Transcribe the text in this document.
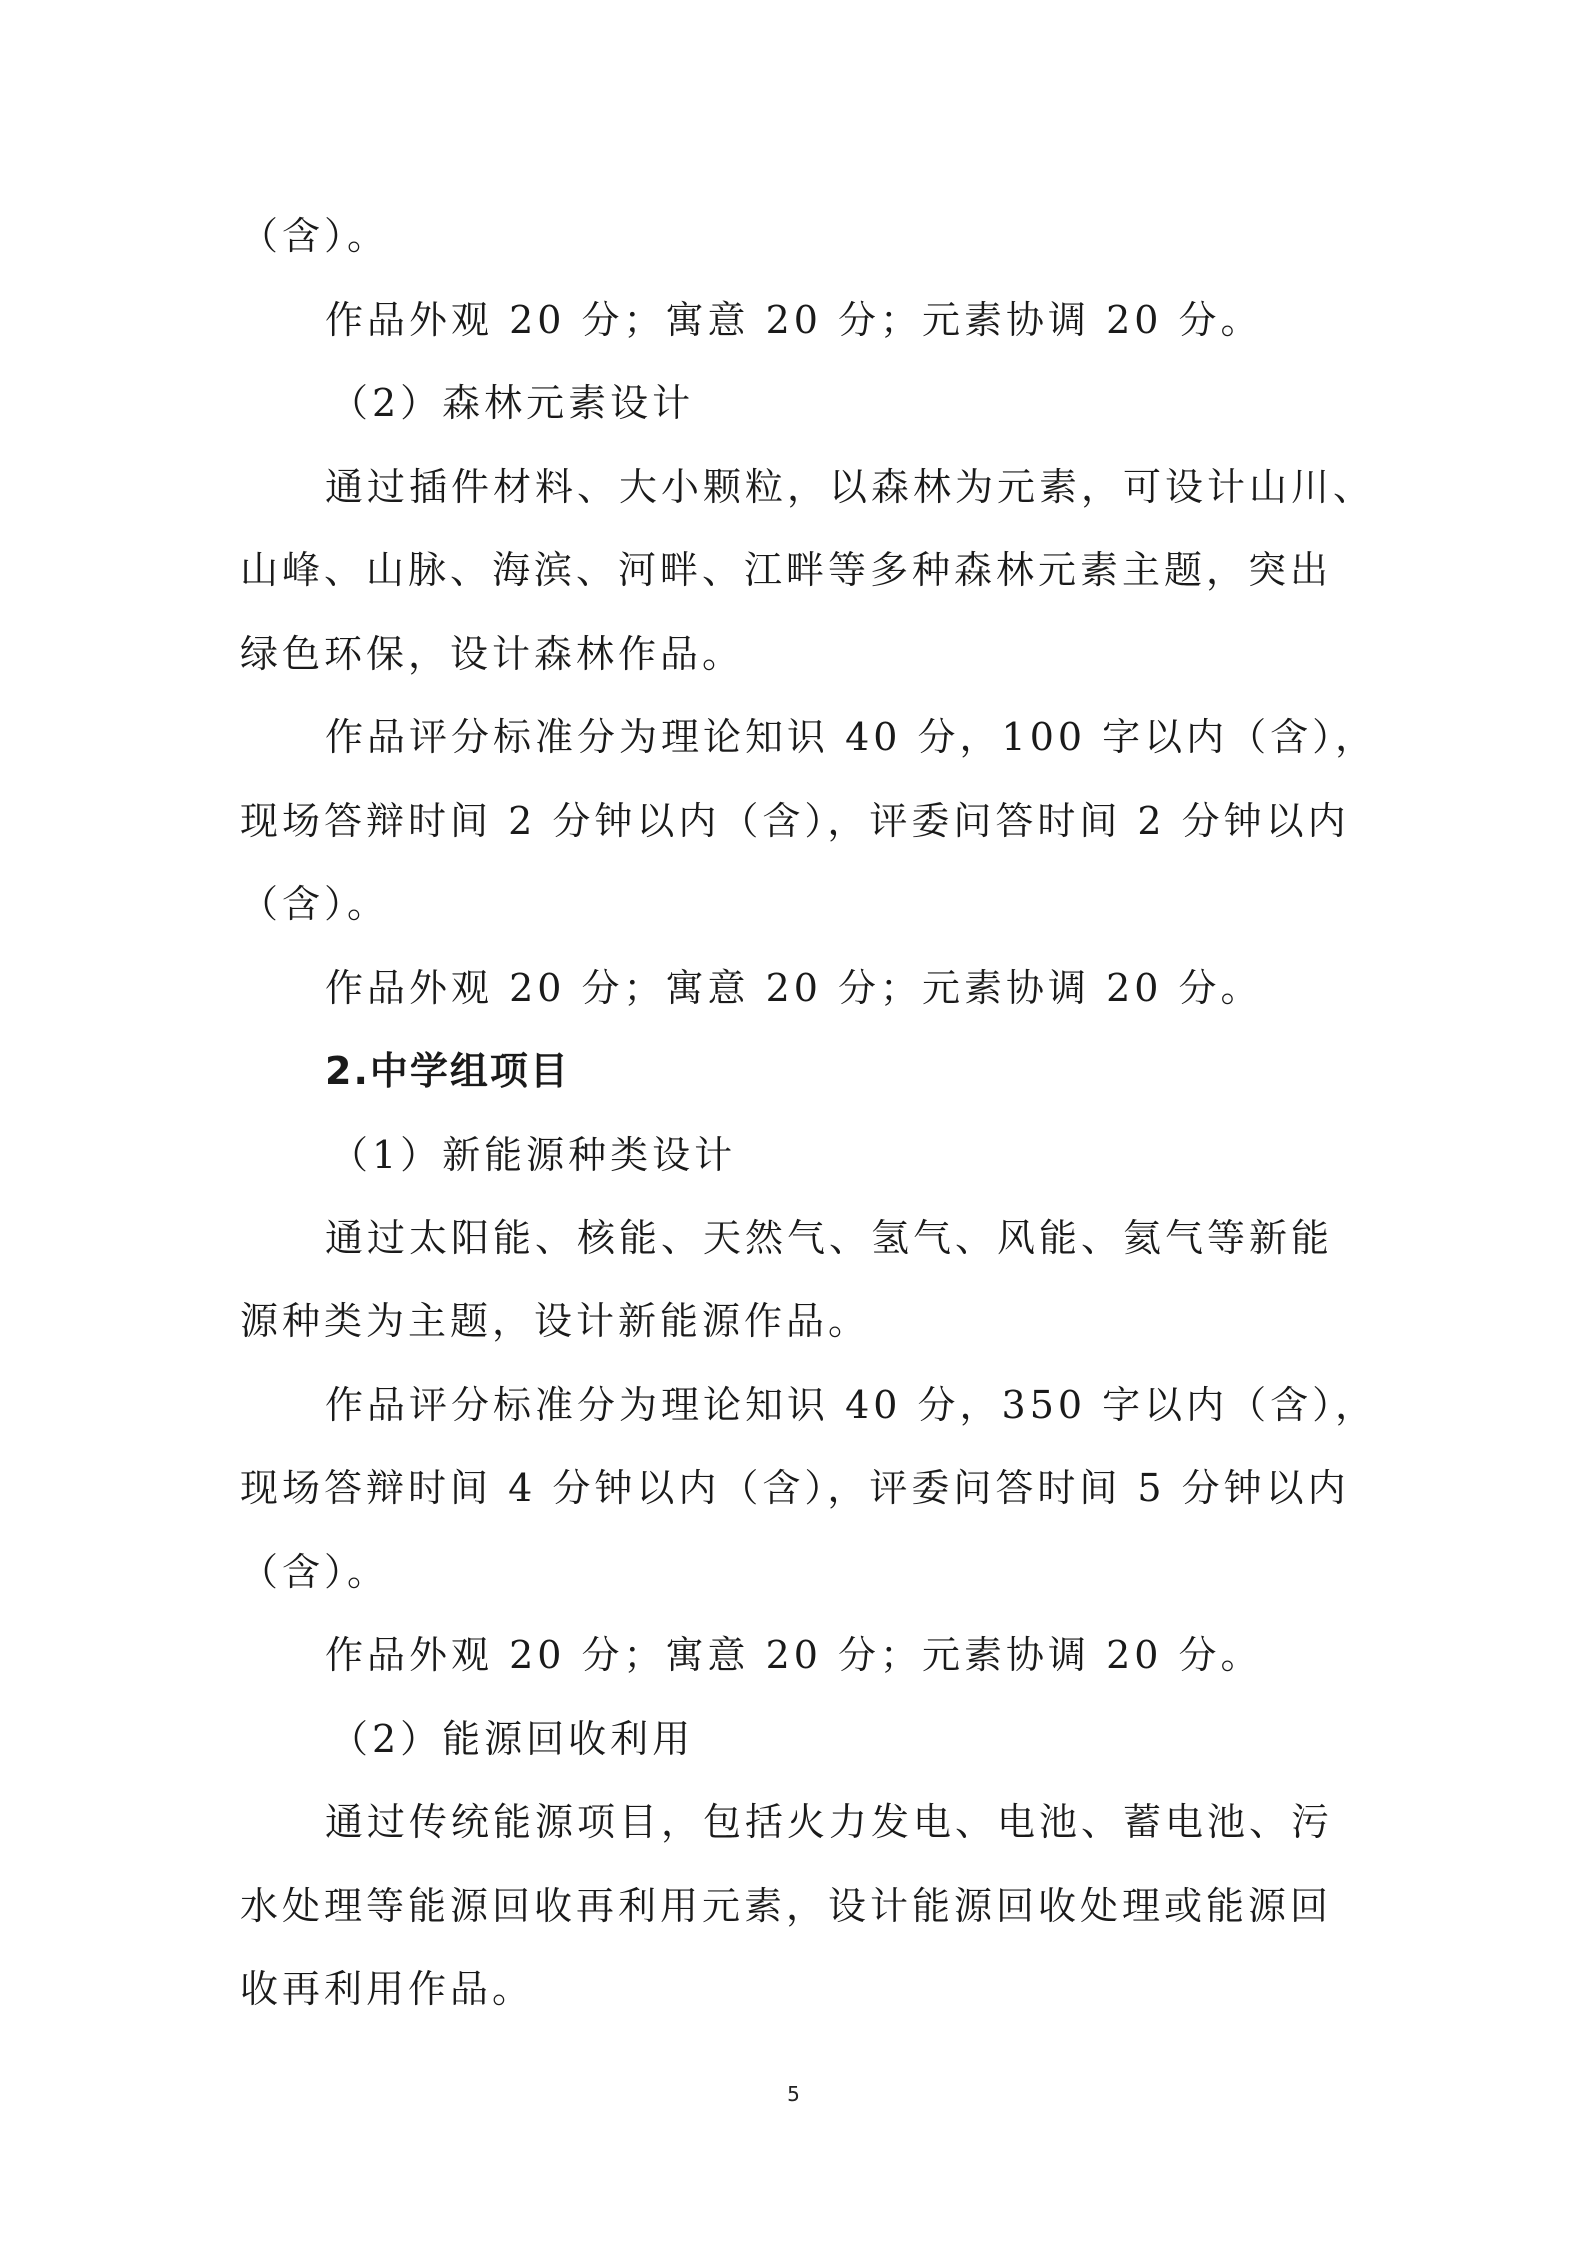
（含）。
作品外观 20 分；寓意 20 分；元素协调 20 分。
（2）森林元素设计
通过插件材料、大小颗粒，以森林为元素，可设计山川、
山峰、山脉、海滨、河畔、江畔等多种森林元素主题，突出
绿色环保，设计森林作品。
作品评分标准分为理论知识 40 分，100 字以内（含），
现场答辩时间 2 分钟以内（含），评委问答时间 2 分钟以内
（含）。
作品外观 20 分；寓意 20 分；元素协调 20 分。
2.中学组项目
（1）新能源种类设计
通过太阳能、核能、天然气、氢气、风能、氦气等新能
源种类为主题，设计新能源作品。
作品评分标准分为理论知识 40 分，350 字以内（含），
现场答辩时间 4 分钟以内（含），评委问答时间 5 分钟以内
（含）。
作品外观 20 分；寓意 20 分；元素协调 20 分。
（2）能源回收利用
通过传统能源项目，包括火力发电、电池、蓄电池、污
水处理等能源回收再利用元素，设计能源回收处理或能源回
收再利用作品。
5
